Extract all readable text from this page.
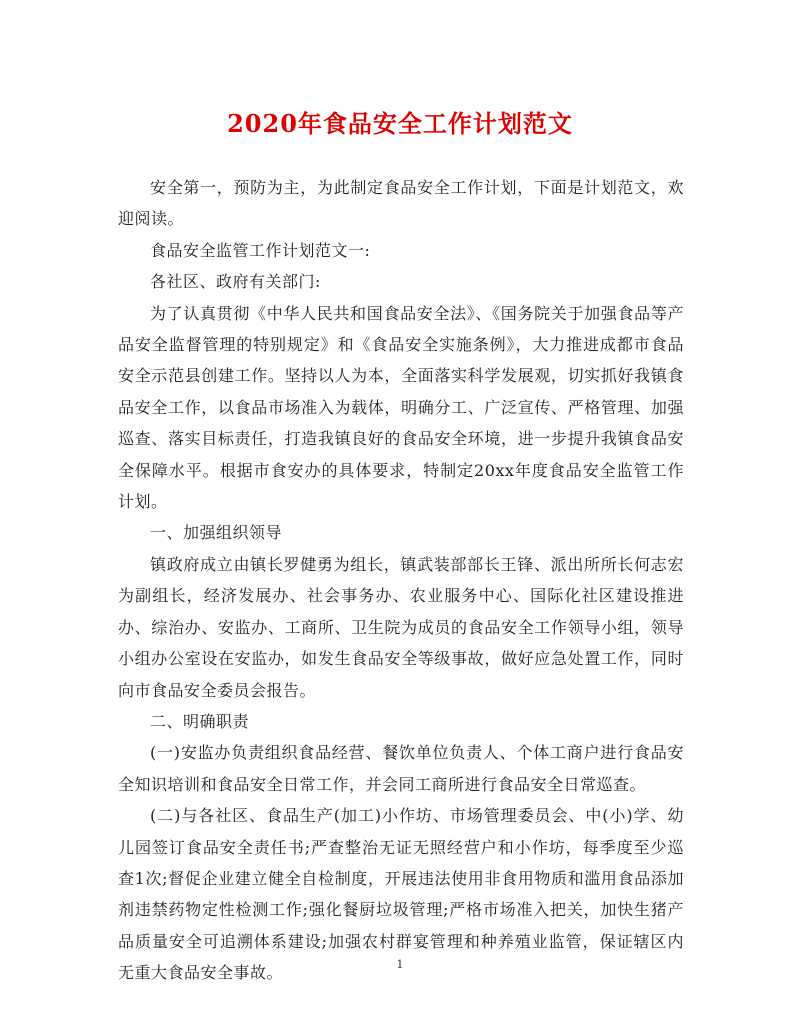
2020年食品安全工作计划范文

安全第一，预防为主，为此制定食品安全工作计划，下面是计划范文，欢迎阅读。

食品安全监管工作计划范文一:

各社区、政府有关部门:

为了认真贯彻《中华人民共和国食品安全法》、《国务院关于加强食品等产品安全监督管理的特别规定》和《食品安全实施条例》，大力推进成都市食品安全示范县创建工作。坚持以人为本，全面落实科学发展观，切实抓好我镇食品安全工作，以食品市场准入为载体，明确分工、广泛宣传、严格管理、加强巡查、落实目标责任，打造我镇良好的食品安全环境，进一步提升我镇食品安全保障水平。根据市食安办的具体要求，特制定20xx年度食品安全监管工作计划。

一、加强组织领导

镇政府成立由镇长罗健勇为组长，镇武装部部长王锋、派出所所长何志宏为副组长，经济发展办、社会事务办、农业服务中心、国际化社区建设推进办、综治办、安监办、工商所、卫生院为成员的食品安全工作领导小组，领导小组办公室设在安监办，如发生食品安全等级事故，做好应急处置工作，同时向市食品安全委员会报告。

二、明确职责

(一)安监办负责组织食品经营、餐饮单位负责人、个体工商户进行食品安全知识培训和食品安全日常工作，并会同工商所进行食品安全日常巡查。

(二)与各社区、食品生产(加工)小作坊、市场管理委员会、中(小)学、幼儿园签订食品安全责任书;严查整治无证无照经营户和小作坊，每季度至少巡查1次;督促企业建立健全自检制度，开展违法使用非食用物质和滥用食品添加剂违禁药物定性检测工作;强化餐厨垃圾管理;严格市场准入把关，加快生猪产品质量安全可追溯体系建设;加强农村群宴管理和种养殖业监管，保证辖区内无重大食品安全事故。	1
